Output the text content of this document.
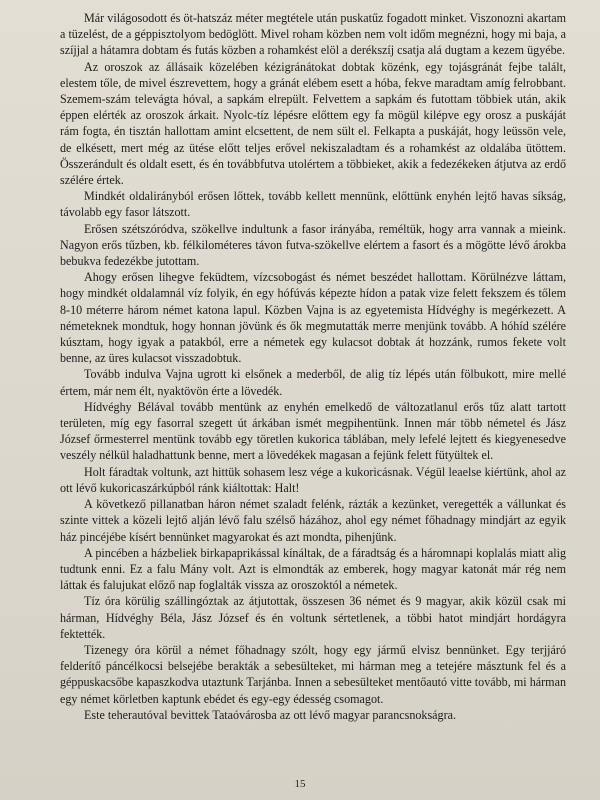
Már világosodott és öt-hatszáz méter megtétele után puskatűz fogadott minket. Viszonozni akartam a tüzelést, de a géppisztolyom bedöglött. Mivel roham közben nem volt időm megnézni, hogy mi baja, a szíjjal a hátamra dobtam és futás közben a rohamkést elöl a derékszíj csatja alá dugtam a kezem ügyébe.

Az oroszok az állásaik közelében kézigránátokat dobtak közénk, egy tojásgránát fejbe talált, elestem tőle, de mivel észrevettem, hogy a gránát elébem esett a hóba, fekve maradtam amíg felrobbant. Szemem-szám televágta hóval, a sapkám elrepült. Felvettem a sapkám és futottam többiek után, akik éppen elérték az oroszok árkait. Nyolc-tíz lépésre előttem egy fa mögül kilépve egy orosz a puskáját rám fogta, én tisztán hallottam amint elcsettent, de nem sült el. Felkapta a puskáját, hogy leüssön vele, de elkésett, mert még az ütése előtt teljes erővel nekiszaladtam és a rohamkést az oldalába ütöttem. Összerándult és oldalt esett, és én továbbfutva utolértem a többieket, akik a fedezékeken átjutva az erdő szélére értek.

Mindkét oldalirányból erősen lőttek, tovább kellett mennünk, előttünk enyhén lejtő havas síkság, távolabb egy fasor látszott.

Erősen szétszóródva, szökellve indultunk a fasor irányába, reméltük, hogy arra vannak a mieink. Nagyon erős tűzben, kb. félkilométeres távon futva-szökellve elértem a fasort és a mögötte lévő árokba bebukva fedezékbe jutottam.

Ahogy erősen lihegve feküdtem, vízcsobogást és német beszédet hallottam. Körülnézve láttam, hogy mindkét oldalamnál víz folyik, én egy hófúvás képezte hídon a patak vize felett fekszem és tőlem 8-10 méterre három német katona lapul. Közben Vajna is az egyetemista Hídvéghy is megérkezett. A németeknek mondtuk, hogy honnan jövünk és ők megmutatták merre menjünk tovább. A hóhíd szélére kúsztam, hogy igyak a patakból, erre a németek egy kulacsot dobtak át hozzánk, rumos fekete volt benne, az üres kulacsot visszadobtuk.

Tovább indulva Vajna ugrott ki elsőnek a mederből, de alig tíz lépés után fölbukott, mire mellé értem, már nem élt, nyaktövön érte a lövedék.

Hídvéghy Bélával tovább mentünk az enyhén emelkedő de változatlanul erős tűz alatt tartott területen, míg egy fasorral szegett út árkában ismét megpihentünk. Innen már több németel és Jász József őrmesterrel mentünk tovább egy töretlen kukorica táblában, mely lefelé lejtett és kiegyenesedve veszély nélkül haladhattunk benne, mert a lövedékek magasan a fejünk felett fütyültek el.

Holt fáradtak voltunk, azt hittük sohasem lesz vége a kukoricásnak. Végül leaelse kiértünk, ahol az ott lévő kukoricaszárkúpból ránk kiáltottak: Halt!

A következő pillanatban háron német szaladt felénk, rázták a kezünket, veregették a vállunkat és szinte vittek a közeli lejtő alján lévő falu szélső házához, ahol egy német főhadnagy mindjárt az egyik ház pincéjébe kísért bennünket magyarokat és azt mondta, pihenjünk.

A pincében a házbeliek birkapaprikással kínáltak, de a fáradtság és a háromnapi koplalás miatt alig tudtunk enni. Ez a falu Mány volt. Azt is elmondták az emberek, hogy magyar katonát már rég nem láttak és falujukat előző nap foglalták vissza az oroszoktól a németek.

Tíz óra körülig szállingóztak az átjutottak, összesen 36 német és 9 magyar, akik közül csak mi hárman, Hídvéghy Béla, Jász József és én voltunk sértetlenek, a többi hatot mindjárt hordágyra fektették.

Tizenegy óra körül a német főhadnagy szólt, hogy egy jármű elvisz bennünket. Egy terjjáró felderítő páncélkocsi belsejébe berakták a sebesülteket, mi hárman meg a tetejére másztunk fel és a géppuskacsőbe kapaszkodva utaztunk Tarjánba. Innen a sebesülteket mentőautó vitte tovább, mi hárman egy német körletben kaptunk ebédet és egy-egy édesség csomagot.

Este teherautóval bevittek Tataóvárosba az ott lévő magyar parancsnokságra.

15
